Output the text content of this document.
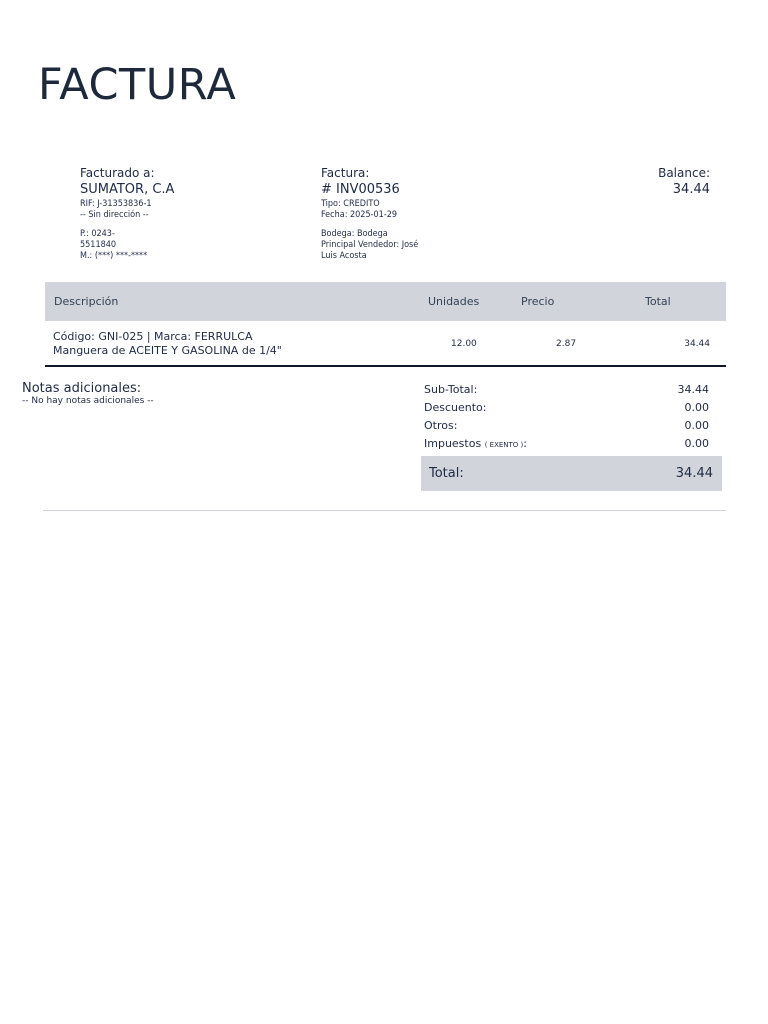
FACTURA
Facturado a:
SUMATOR, C.A
RIF: J-31353836-1
-- Sin dirección --
P.: 0243-
5511840
M.: (***) ***-****
Factura:
# INV00536
Tipo: CREDITO
Fecha: 2025-01-29
Bodega: Bodega
Principal Vendedor: José
Luis Acosta
Balance:
34.44
Descripción	Unidades	Precio	Total

Código: GNI-025 | Marca: FERRULCA
Manguera de ACEITE Y GASOLINA de 1/4"	12.00	2.87	34.44
Notas adicionales:
-- No hay notas adicionales --
Sub-Total:	34.44
Descuento:	0.00
Otros:	0.00
Impuestos ( EXENTO ):	0.00
Total:	34.44
